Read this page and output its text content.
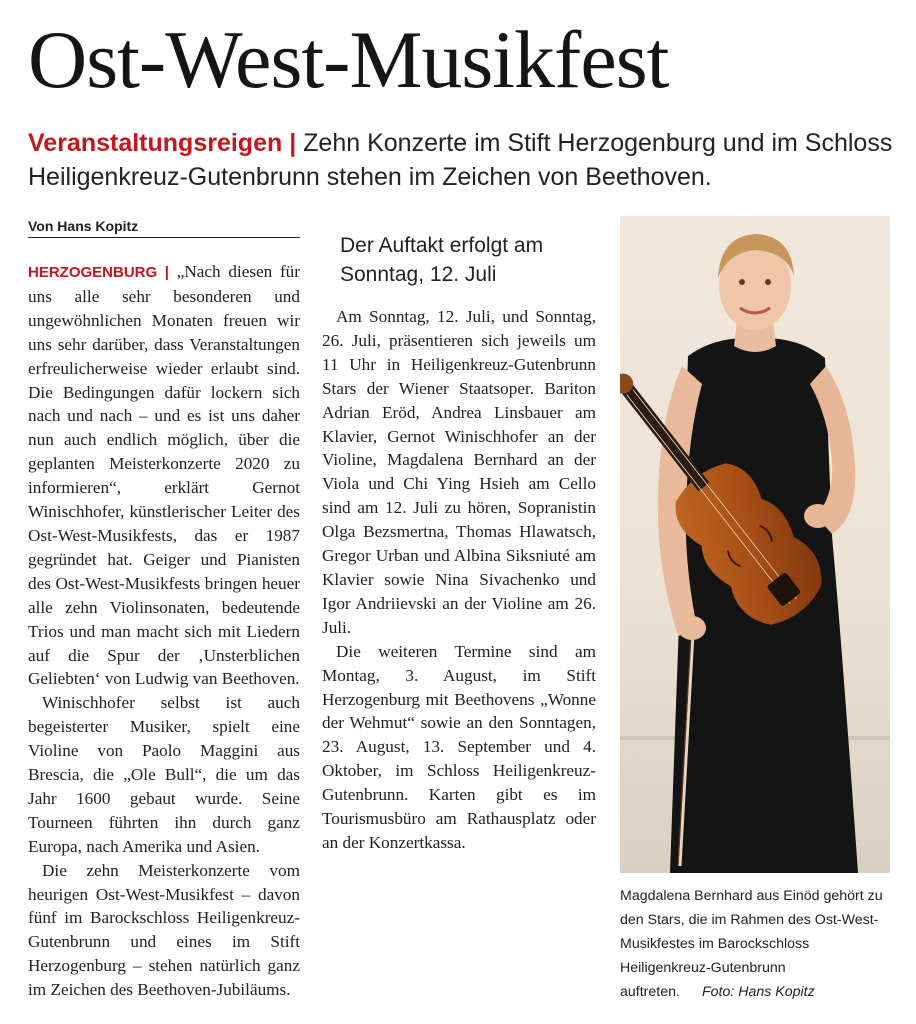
Ost-West-Musikfest
Veranstaltungsreigen | Zehn Konzerte im Stift Herzogenburg und im Schloss Heiligenkreuz-Gutenbrunn stehen im Zeichen von Beethoven.
Von Hans Kopitz

HERZOGENBURG | „Nach diesen für uns alle sehr besonderen und ungewöhnlichen Monaten freuen wir uns sehr darüber, dass Veranstaltungen erfreulicherweise wieder erlaubt sind. Die Bedingungen dafür lockern sich nach und nach – und es ist uns daher nun auch endlich möglich, über die geplanten Meisterkonzerte 2020 zu informieren“, erklärt Gernot Winischhofer, künstlerischer Leiter des Ost-West-Musikfests, das er 1987 gegründet hat. Geiger und Pianisten des Ost-West-Musikfests bringen heuer alle zehn Violinsonaten, bedeutende Trios und man macht sich mit Liedern auf die Spur der ‚Unsterblichen Geliebten‘ von Ludwig van Beethoven.

Winischhofer selbst ist auch begeisterter Musiker, spielt eine Violine von Paolo Maggini aus Brescia, die „Ole Bull“, die um das Jahr 1600 gebaut wurde. Seine Tourneen führten ihn durch ganz Europa, nach Amerika und Asien.

Die zehn Meisterkonzerte vom heurigen Ost-West-Musikfest – davon fünf im Barockschloss Heiligenkreuz-Gutenbrunn und eines im Stift Herzogenburg – stehen natürlich ganz im Zeichen des Beethoven-Jubiläums.

Der Auftakt erfolgt am Sonntag, 12. Juli

Am Sonntag, 12. Juli, und Sonntag, 26. Juli, präsentieren sich jeweils um 11 Uhr in Heiligenkreuz-Gutenbrunn Stars der Wiener Staatsoper. Bariton Adrian Eröd, Andrea Linsbauer am Klavier, Gernot Winischhofer an der Violine, Magdalena Bernhard an der Viola und Chi Ying Hsieh am Cello sind am 12. Juli zu hören, Sopranistin Olga Bezsmertna, Thomas Hlawatsch, Gregor Urban und Albina Siksniuté am Klavier sowie Nina Sivachenko und Igor Andriievski an der Violine am 26. Juli.

Die weiteren Termine sind am Montag, 3. August, im Stift Herzogenburg mit Beethovens „Wonne der Wehmut“ sowie an den Sonntagen, 23. August, 13. September und 4. Oktober, im Schloss Heiligenkreuz-Gutenbrunn. Karten gibt es im Tourismusbüro am Rathausplatz oder an der Konzertkassa.

Magdalena Bernhard aus Einöd gehört zu den Stars, die im Rahmen des Ost-West-Musikfestes im Barockschloss Heiligenkreuz-Gutenbrunn auftreten. Foto: Hans Kopitz
